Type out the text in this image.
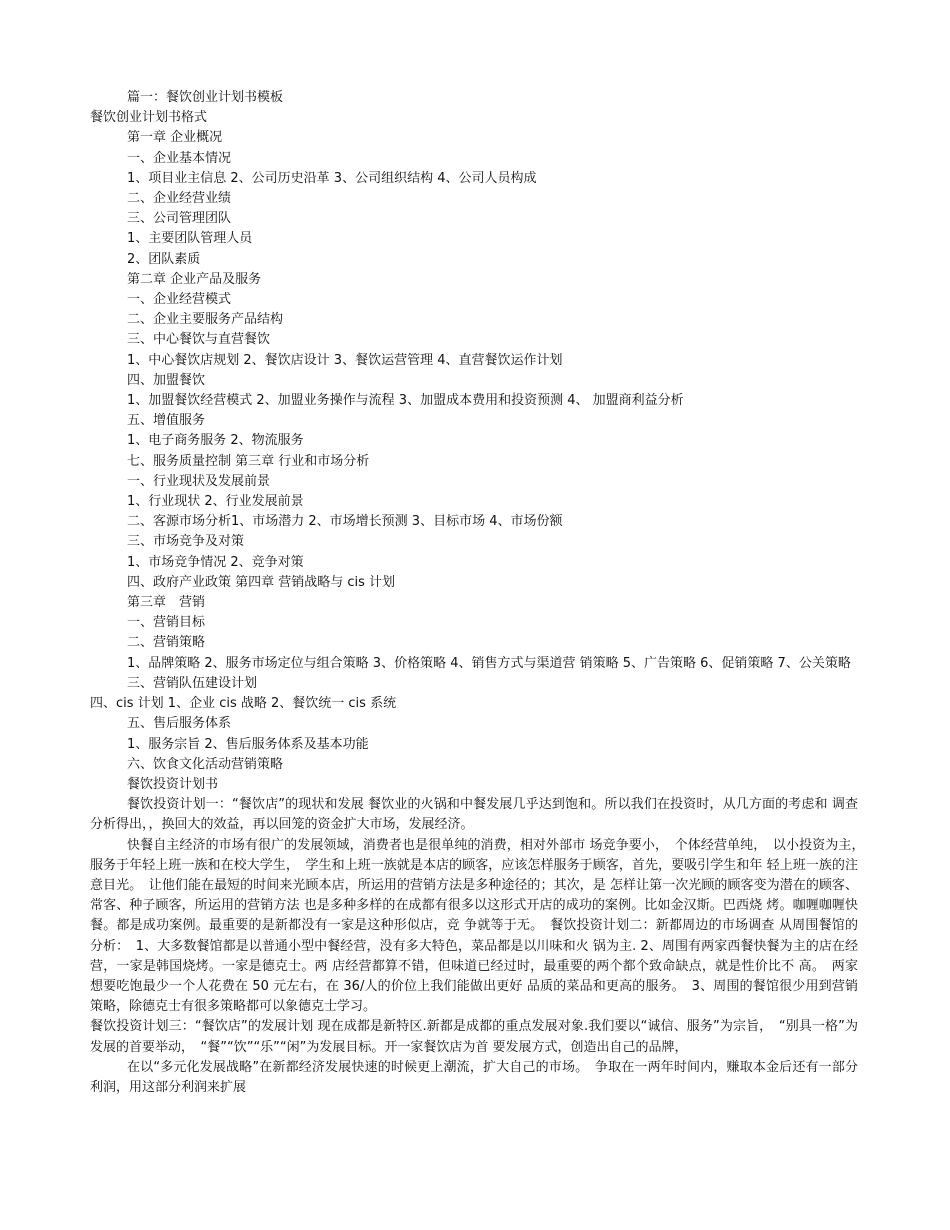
篇一：餐饮创业计划书模板

餐饮创业计划书格式

第一章 企业概况

一、企业基本情况

1、项目业主信息 2、公司历史沿革 3、公司组织结构 4、公司人员构成

二、企业经营业绩

三、公司管理团队

1、主要团队管理人员

2、团队素质

第二章 企业产品及服务

一、企业经营模式

二、企业主要服务产品结构

三、中心餐饮与直营餐饮

1、中心餐饮店规划 2、餐饮店设计 3、餐饮运营管理 4、直营餐饮运作计划

四、加盟餐饮

1、加盟餐饮经营模式 2、加盟业务操作与流程 3、加盟成本费用和投资预测 4、 加盟商利益分析

五、增值服务

1、电子商务服务 2、物流服务

七、服务质量控制 第三章 行业和市场分析

一、行业现状及发展前景

1、行业现状 2、行业发展前景

二、客源市场分析1、市场潜力 2、市场增长预测 3、目标市场 4、市场份额

三、市场竞争及对策

1、市场竞争情况 2、竞争对策

四、政府产业政策 第四章 营销战略与 cis 计划

第三章　营销

一、营销目标

二、营销策略

1、品牌策略 2、服务市场定位与组合策略 3、价格策略 4、销售方式与渠道营 销策略 5、广告策略 6、促销策略 7、公关策略

三、营销队伍建设计划

四、cis 计划 1、企业 cis 战略 2、餐饮统一 cis 系统

五、售后服务体系

1、服务宗旨 2、售后服务体系及基本功能

六、饮食文化活动营销策略

餐饮投资计划书

餐饮投资计划一：“餐饮店”的现状和发展 餐饮业的火锅和中餐发展几乎达到饱和。所以我们在投资时，从几方面的考虑和 调查分析得出，，换回大的效益，再以回笼的资金扩大市场，发展经济。

快餐自主经济的市场有很广的发展领域，消费者也是很单纯的消费，相对外部市 场竞争要小，　个体经营单纯，　以小投资为主，　服务于年轻上班一族和在校大学生，　学生和上班一族就是本店的顾客，应该怎样服务于顾客，首先，要吸引学生和年 轻上班一族的注意目光。　让他们能在最短的时间来光顾本店，所运用的营销方法是多种途径的；其次，是 怎样让第一次光顾的顾客变为潜在的顾客、常客、种子顾客，所运用的营销方法 也是多种多样的在成都有很多以这形式开店的成功的案例。比如金汉斯。巴西烧 烤。咖喱咖喱快餐。都是成功案例。最重要的是新都没有一家是这种形似店，竞 争就等于无。　餐饮投资计划二：新都周边的市场调查 从周围餐馆的分析：　1、大多数餐馆都是以普通小型中餐经营，没有多大特色，菜品都是以川味和火 锅为主. 2、周围有两家西餐快餐为主的店在经营，一家是韩国烧烤。一家是德克士。两 店经营都算不错，但味道已经过时，最重要的两个都个致命缺点，就是性价比不 高。　两家想要吃饱最少一个人花费在 50 元左右，在 36/人的价位上我们能做出更好 品质的菜品和更高的服务。　3、周围的餐馆很少用到营销策略，除德克士有很多策略都可以象德克士学习。

餐饮投资计划三：“餐饮店”的发展计划 现在成都是新特区.新都是成都的重点发展对象.我们要以“诚信、服务”为宗旨，　“别具一格”为发展的首要举动，　“餐”“饮”“乐”“闲”为发展目标。开一家餐饮店为首 要发展方式，创造出自己的品牌，

在以“多元化发展战略”在新都经济发展快速的时候更上潮流，扩大自己的市场。　争取在一两年时间内，赚取本金后还有一部分利润，用这部分利润来扩展
